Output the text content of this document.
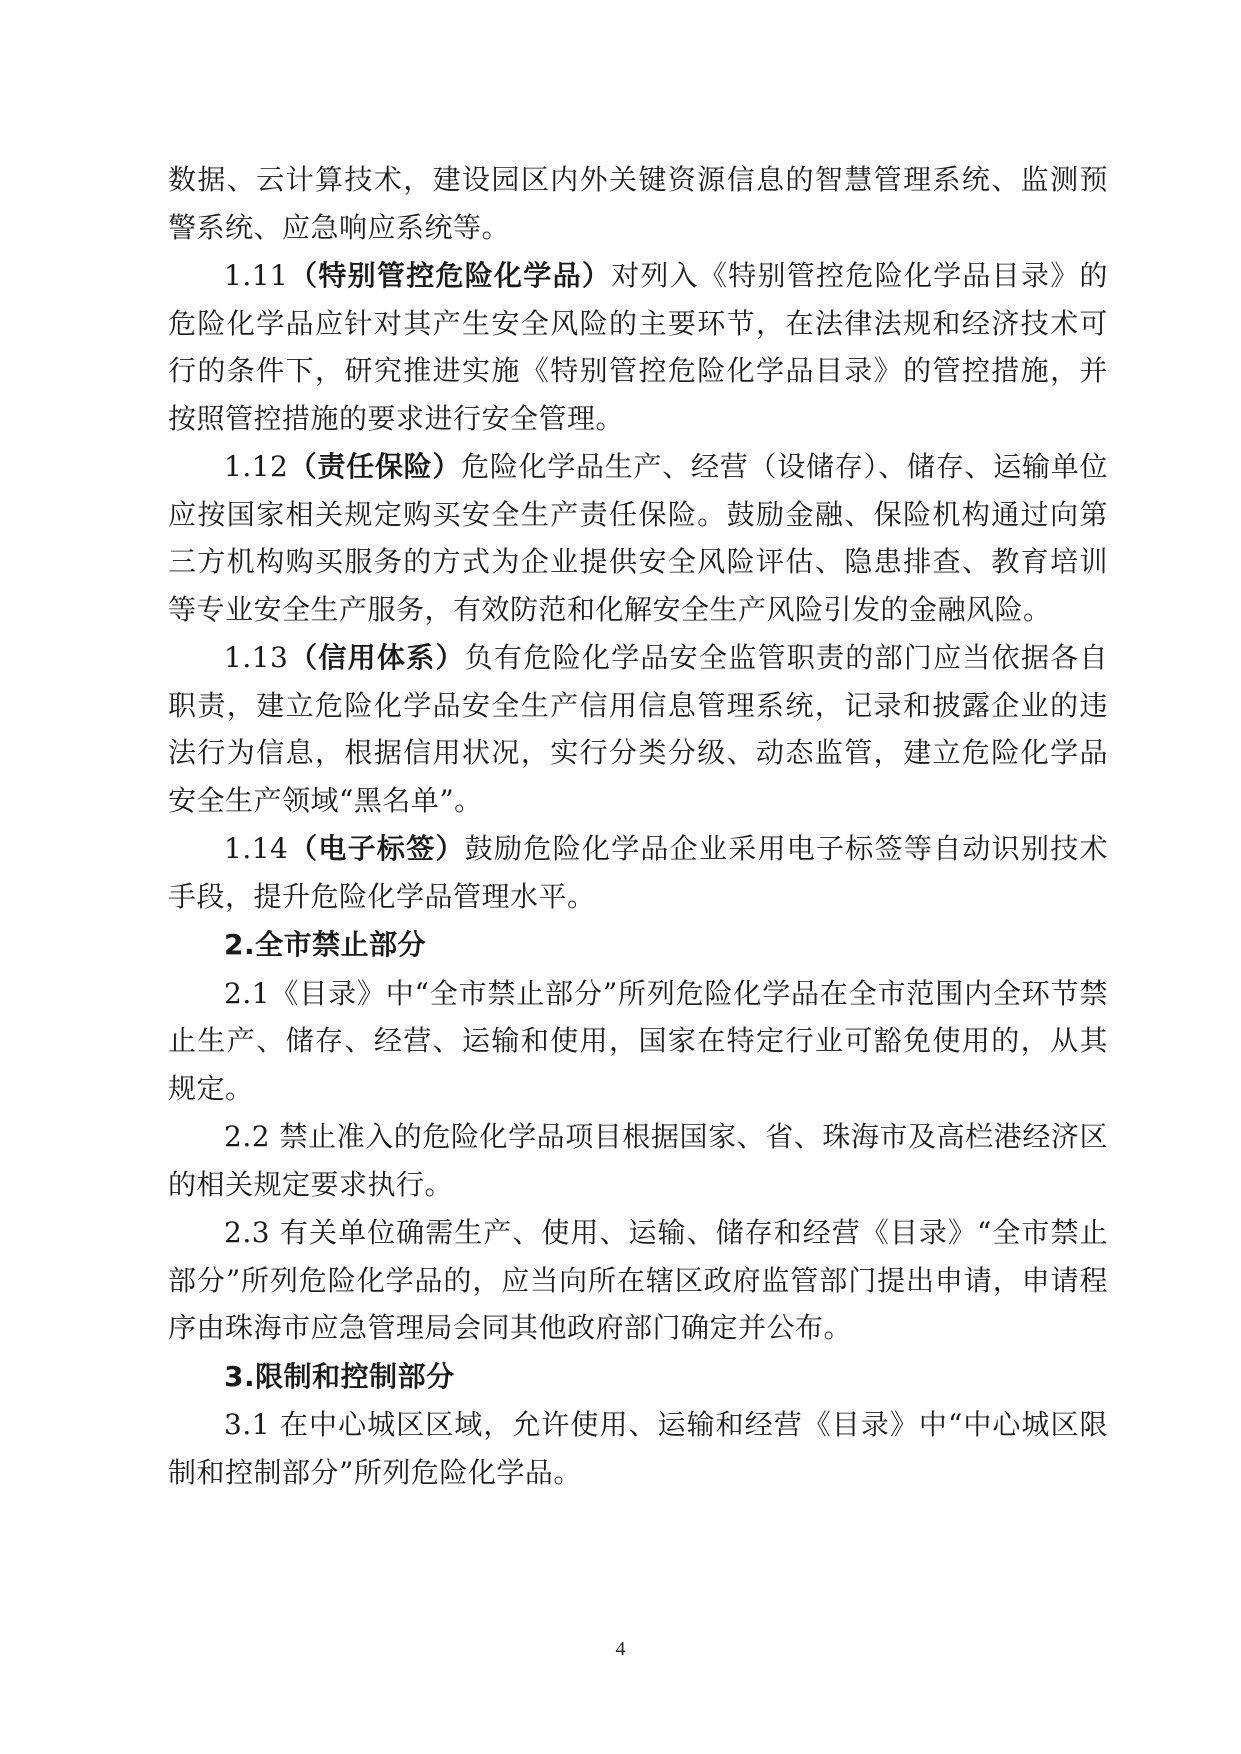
数据、云计算技术，建设园区内外关键资源信息的智慧管理系统、监测预警系统、应急响应系统等。

1.11（特别管控危险化学品）对列入《特别管控危险化学品目录》的危险化学品应针对其产生安全风险的主要环节，在法律法规和经济技术可行的条件下，研究推进实施《特别管控危险化学品目录》的管控措施，并按照管控措施的要求进行安全管理。

1.12（责任保险）危险化学品生产、经营（设储存）、储存、运输单位应按国家相关规定购买安全生产责任保险。鼓励金融、保险机构通过向第三方机构购买服务的方式为企业提供安全风险评估、隐患排查、教育培训等专业安全生产服务，有效防范和化解安全生产风险引发的金融风险。

1.13（信用体系）负有危险化学品安全监管职责的部门应当依据各自职责，建立危险化学品安全生产信用信息管理系统，记录和披露企业的违法行为信息，根据信用状况，实行分类分级、动态监管，建立危险化学品安全生产领域“黑名单”。

1.14（电子标签）鼓励危险化学品企业采用电子标签等自动识别技术手段，提升危险化学品管理水平。

2.全市禁止部分

2.1《目录》中“全市禁止部分”所列危险化学品在全市范围内全环节禁止生产、储存、经营、运输和使用，国家在特定行业可豁免使用的，从其规定。

2.2 禁止准入的危险化学品项目根据国家、省、珠海市及高栏港经济区的相关规定要求执行。

2.3 有关单位确需生产、使用、运输、储存和经营《目录》“全市禁止部分”所列危险化学品的，应当向所在辖区政府监管部门提出申请，申请程序由珠海市应急管理局会同其他政府部门确定并公布。

3.限制和控制部分

3.1 在中心城区区域，允许使用、运输和经营《目录》中“中心城区限制和控制部分”所列危险化学品。

4
